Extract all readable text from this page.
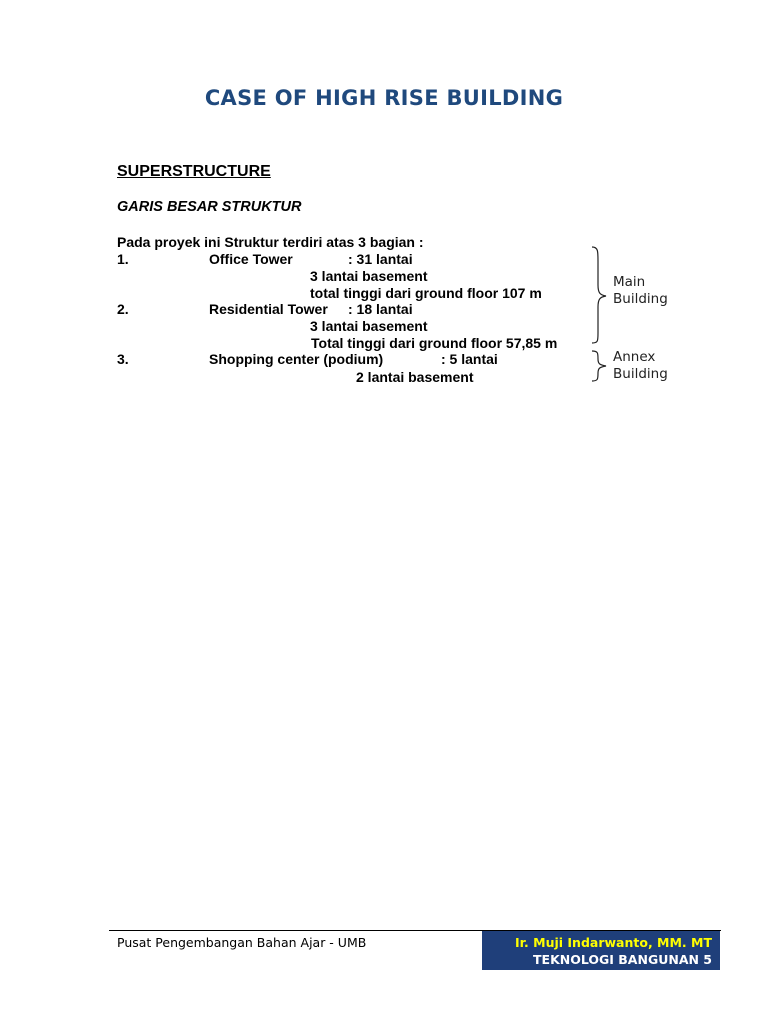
CASE OF HIGH RISE BUILDING
SUPERSTRUCTURE
GARIS BESAR STRUKTUR
Pada proyek ini Struktur terdiri atas 3 bagian :
1.	Office Tower	: 31 lantai
3 lantai basement
total tinggi dari ground floor 107 m
2.	Residential Tower : 18 lantai
3 lantai basement
Total tinggi dari ground floor 57,85 m
3.	Shopping center (podium)	: 5 lantai
2 lantai basement
Main
Building
Annex
Building
Pusat Pengembangan Bahan Ajar - UMB	Ir. Muji Indarwanto, MM. MT
TEKNOLOGI BANGUNAN 5
